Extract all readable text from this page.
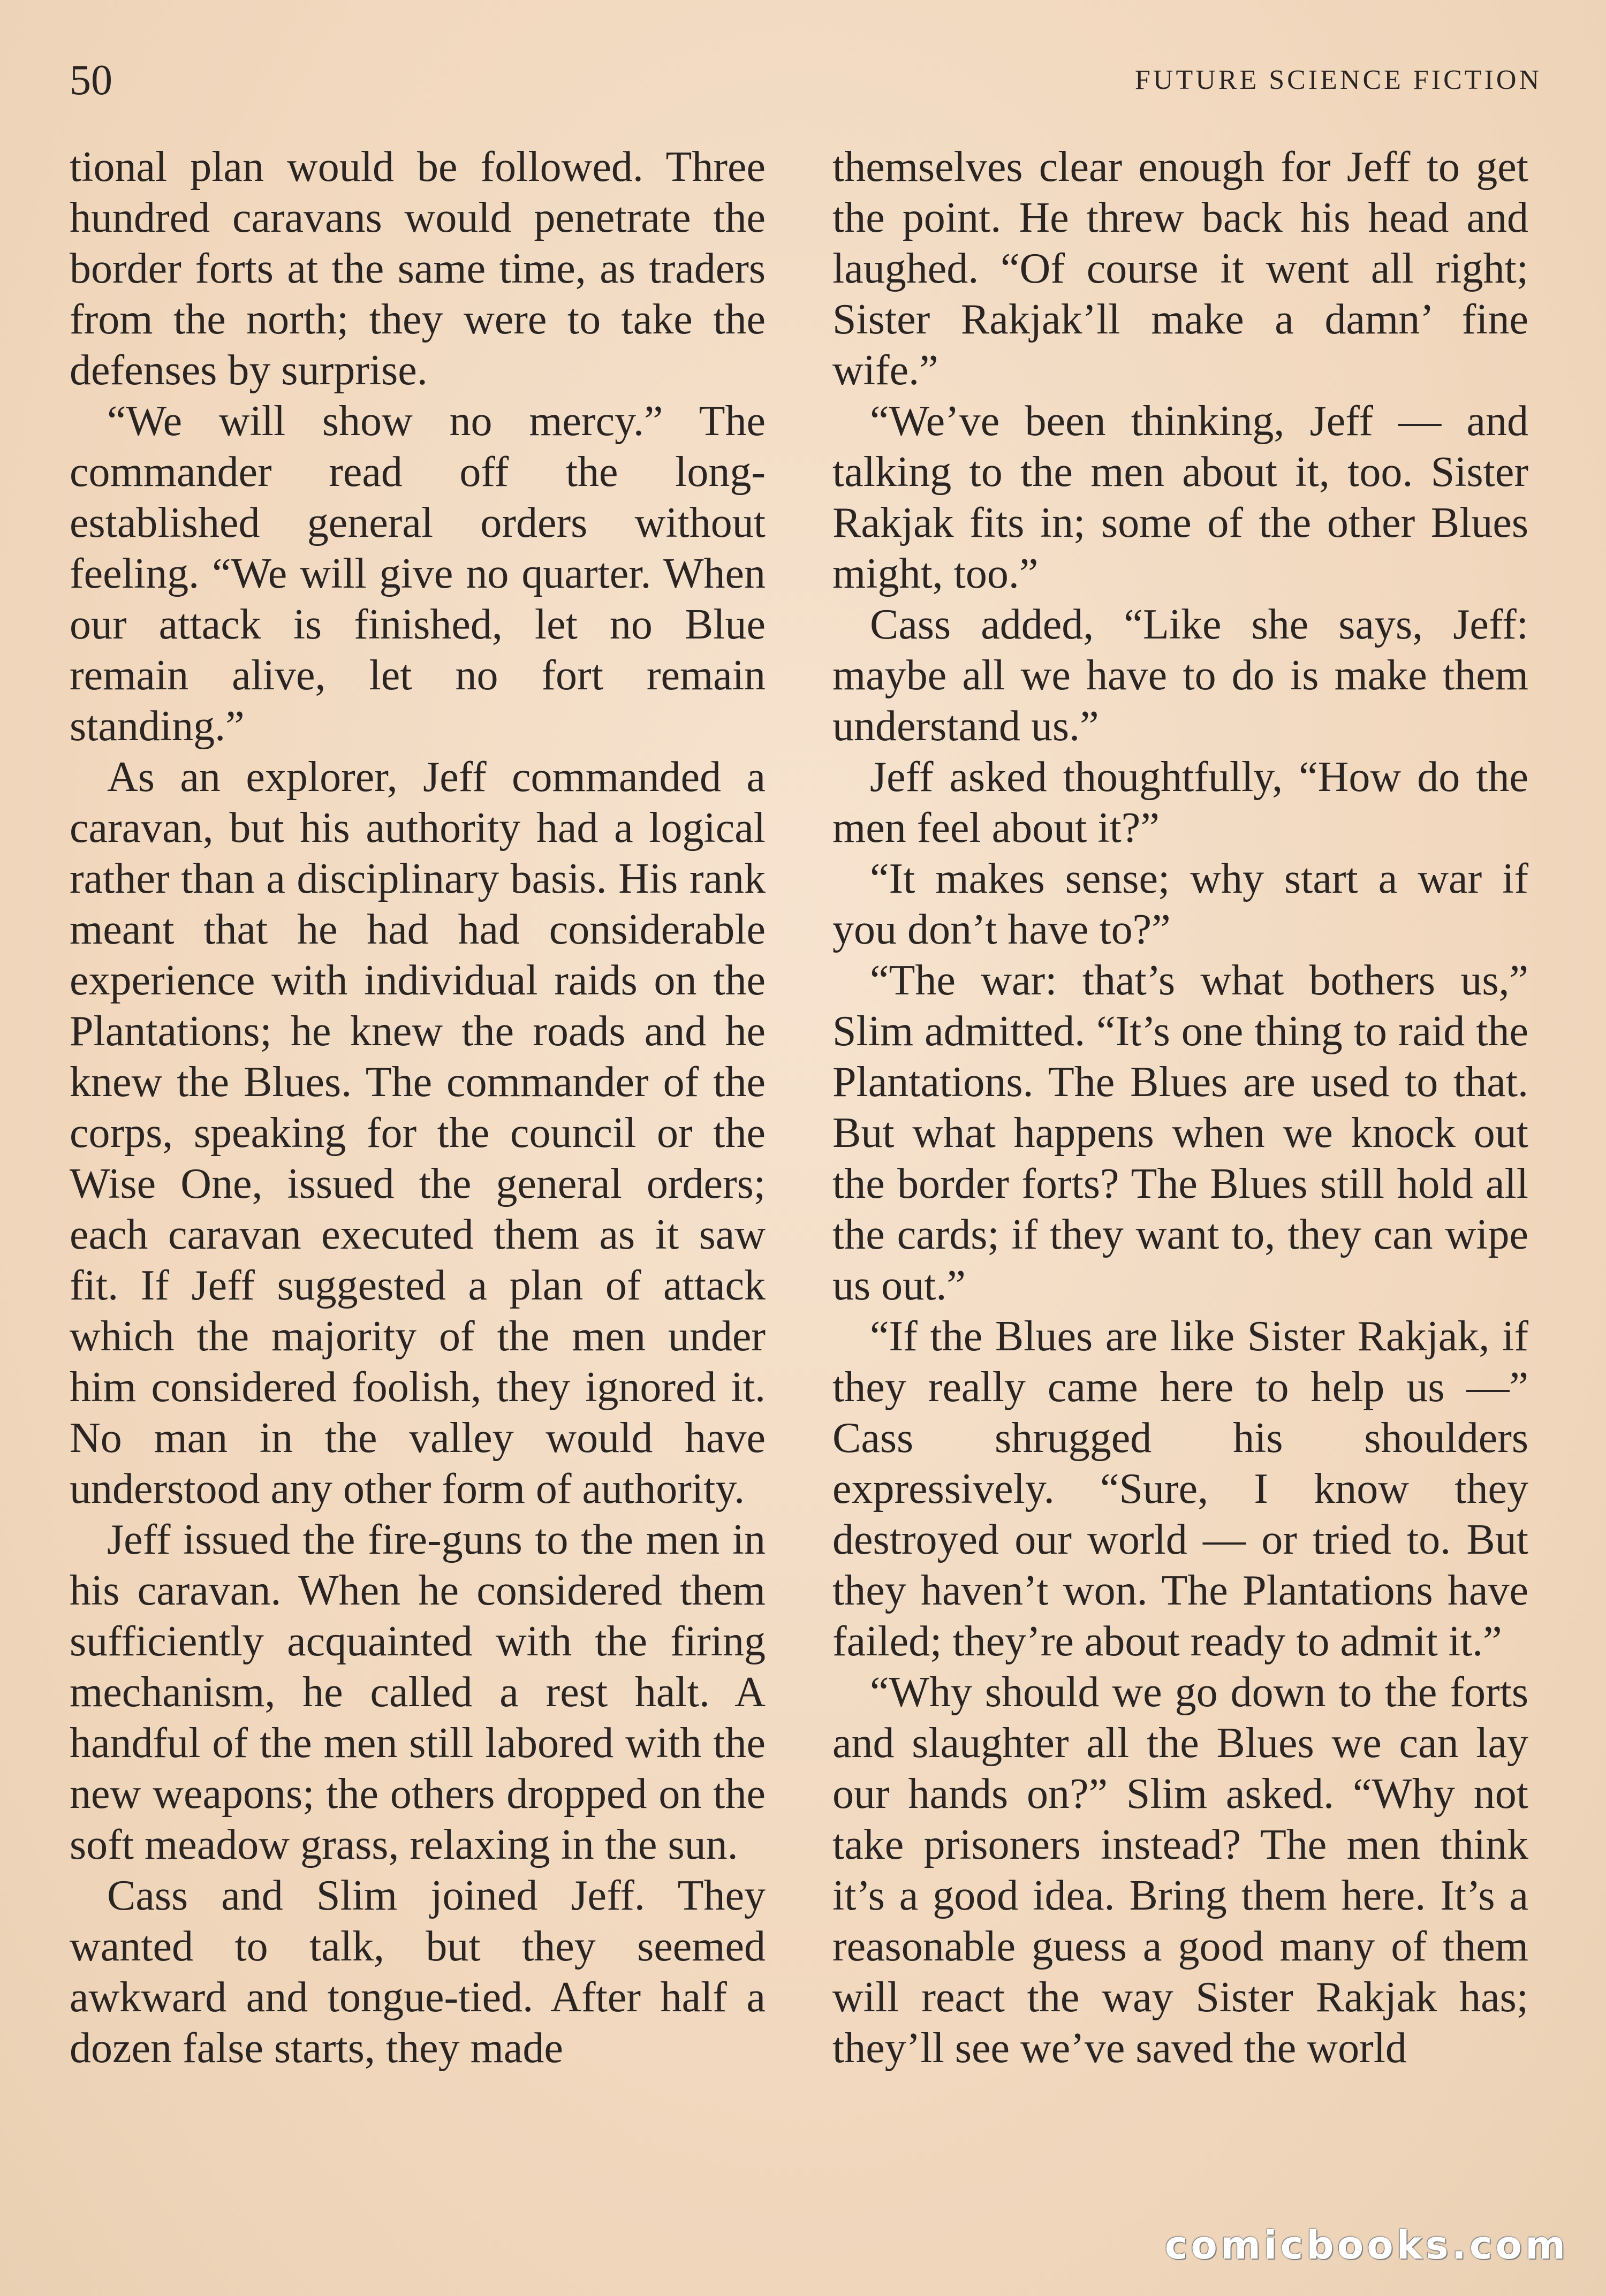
50	FUTURE SCIENCE FICTION

tional plan would be followed. Three hundred caravans would penetrate the border forts at the same time, as traders from the north; they were to take the defenses by surprise.

“We will show no mercy.” The commander read off the long-established general orders without feeling. “We will give no quarter. When our attack is finished, let no Blue remain alive, let no fort remain standing.”

As an explorer, Jeff commanded a caravan, but his authority had a logical rather than a disciplinary basis. His rank meant that he had had considerable experience with individual raids on the Plantations; he knew the roads and he knew the Blues. The commander of the corps, speaking for the council or the Wise One, issued the general orders; each caravan executed them as it saw fit. If Jeff suggested a plan of attack which the majority of the men under him considered foolish, they ignored it. No man in the valley would have understood any other form of authority.

Jeff issued the fire-guns to the men in his caravan. When he considered them sufficiently acquainted with the firing mechanism, he called a rest halt. A handful of the men still labored with the new weapons; the others dropped on the soft meadow grass, relaxing in the sun.

Cass and Slim joined Jeff. They wanted to talk, but they seemed awkward and tongue-tied. After half a dozen false starts, they made

themselves clear enough for Jeff to get the point. He threw back his head and laughed. “Of course it went all right; Sister Rakjak’ll make a damn’ fine wife.”

“We’ve been thinking, Jeff — and talking to the men about it, too. Sister Rakjak fits in; some of the other Blues might, too.”

Cass added, “Like she says, Jeff: maybe all we have to do is make them understand us.”

Jeff asked thoughtfully, “How do the men feel about it?”

“It makes sense; why start a war if you don’t have to?”

“The war: that’s what bothers us,” Slim admitted. “It’s one thing to raid the Plantations. The Blues are used to that. But what happens when we knock out the border forts? The Blues still hold all the cards; if they want to, they can wipe us out.”

“If the Blues are like Sister Rakjak, if they really came here to help us —” Cass shrugged his shoulders expressively. “Sure, I know they destroyed our world — or tried to. But they haven’t won. The Plantations have failed; they’re about ready to admit it.”

“Why should we go down to the forts and slaughter all the Blues we can lay our hands on?” Slim asked. “Why not take prisoners instead? The men think it’s a good idea. Bring them here. It’s a reasonable guess a good many of them will react the way Sister Rakjak has; they’ll see we’ve saved the world

comicbooks.com
